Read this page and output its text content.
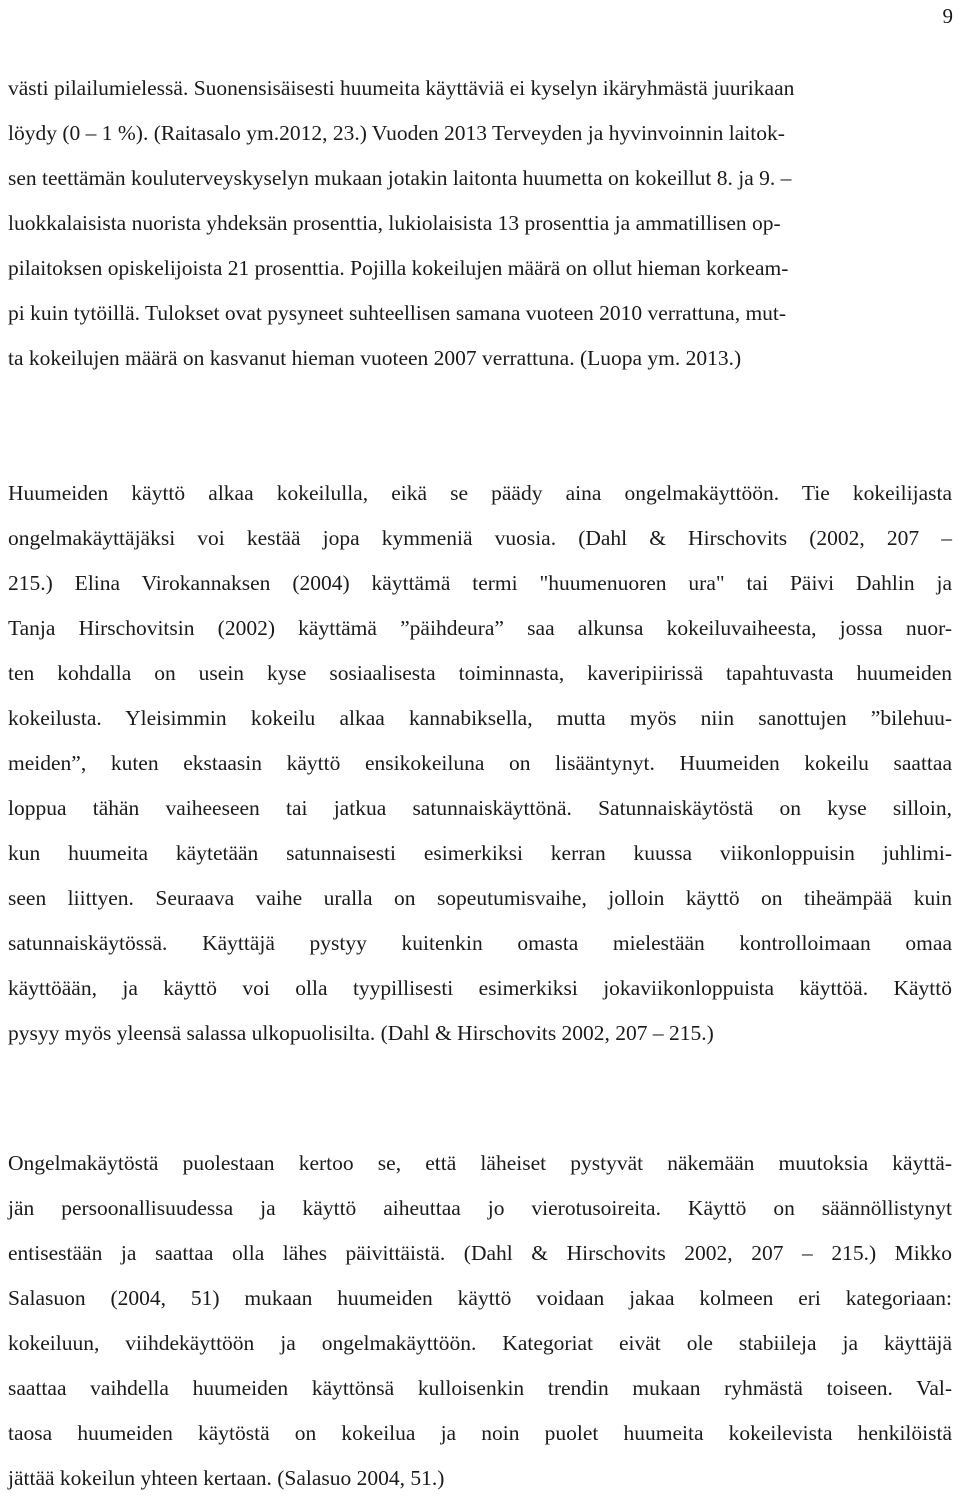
9
västi pilailumielessä. Suonensisäisesti huumeita käyttäviä ei kyselyn ikäryhmästä juurikaan
löydy (0 – 1 %). (Raitasalo ym.2012, 23.) Vuoden 2013 Terveyden ja hyvinvoinnin laitok-
sen teettämän kouluterveyskyselyn mukaan jotakin laitonta huumetta on kokeillut 8. ja 9. –
luokkalaisista nuorista yhdeksän prosenttia, lukiolaisista 13 prosenttia ja ammatillisen op-
pilaitoksen opiskelijoista 21 prosenttia. Pojilla kokeilujen määrä on ollut hieman korkeam-
pi kuin tytöillä. Tulokset ovat pysyneet suhteellisen samana vuoteen 2010 verrattuna, mut-
ta kokeilujen määrä on kasvanut hieman vuoteen 2007 verrattuna. (Luopa ym. 2013.)
Huumeiden käyttö alkaa kokeilulla, eikä se päädy aina ongelmakäyttöön. Tie kokeilijasta
ongelmakäyttäjäksi voi kestää jopa kymmeniä vuosia. (Dahl & Hirschovits (2002, 207 –
215.) Elina Virokannaksen (2004) käyttämä termi "huumenuoren ura" tai Päivi Dahlin ja
Tanja Hirschovitsin (2002) käyttämä ”päihdeura” saa alkunsa kokeiluvaiheesta, jossa nuor-
ten kohdalla on usein kyse sosiaalisesta toiminnasta, kaveripiirissä tapahtuvasta huumeiden
kokeilusta. Yleisimmin kokeilu alkaa kannabiksella, mutta myös niin sanottujen ”bilehuu-
meiden”, kuten ekstaasin käyttö ensikokeiluna on lisääntynyt. Huumeiden kokeilu saattaa
loppua tähän vaiheeseen tai jatkua satunnaiskäyttönä. Satunnaiskäytöstä on kyse silloin,
kun huumeita käytetään satunnaisesti esimerkiksi kerran kuussa viikonloppuisin juhlimi-
seen liittyen. Seuraava vaihe uralla on sopeutumisvaihe, jolloin käyttö on tiheämpää kuin
satunnaiskäytössä. Käyttäjä pystyy kuitenkin omasta mielestään kontrolloimaan omaa
käyttöään, ja käyttö voi olla tyypillisesti esimerkiksi jokaviikonloppuista käyttöä. Käyttö
pysyy myös yleensä salassa ulkopuolisilta. (Dahl & Hirschovits 2002, 207 – 215.)
Ongelmakäytöstä puolestaan kertoo se, että läheiset pystyvät näkemään muutoksia käyttä-
jän persoonallisuudessa ja käyttö aiheuttaa jo vierotusoireita. Käyttö on säännöllistynyt
entisestään ja saattaa olla lähes päivittäistä. (Dahl & Hirschovits 2002, 207 – 215.) Mikko
Salasuon (2004, 51) mukaan huumeiden käyttö voidaan jakaa kolmeen eri kategoriaan:
kokeiluun, viihdekäyttöön ja ongelmakäyttöön. Kategoriat eivät ole stabiileja ja käyttäjä
saattaa vaihdella huumeiden käyttönsä kulloisenkin trendin mukaan ryhmästä toiseen. Val-
taosa huumeiden käytöstä on kokeilua ja noin puolet huumeita kokeilevista henkilöistä
jättää kokeilun yhteen kertaan. (Salasuo 2004, 51.)
